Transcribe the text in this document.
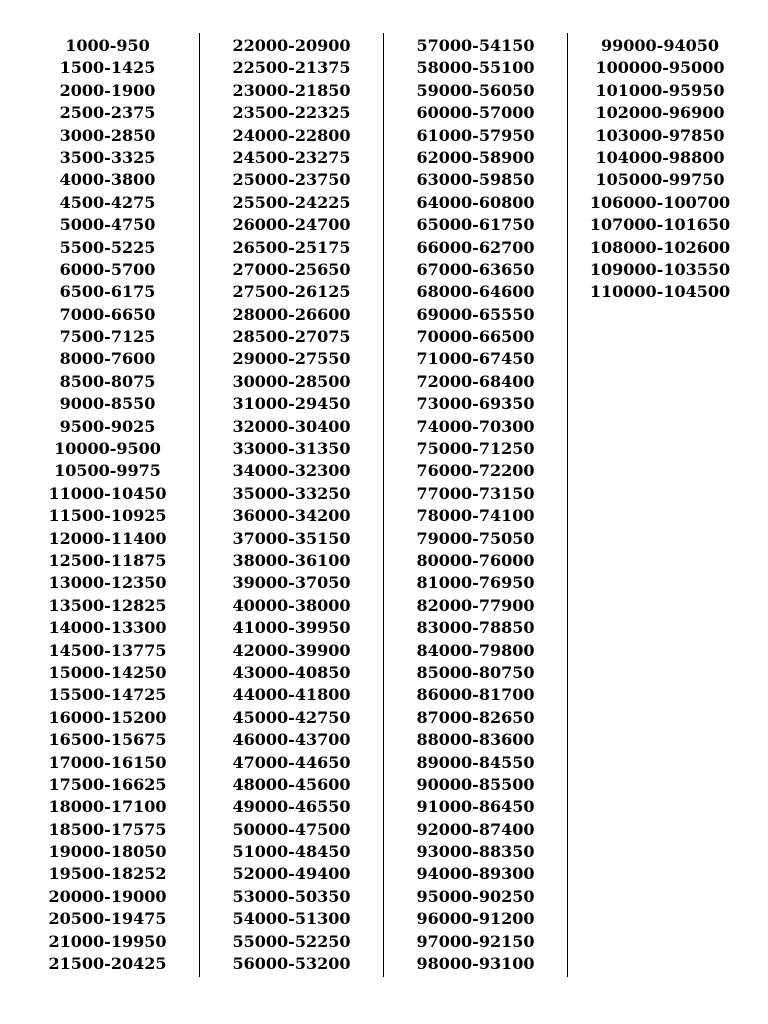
1000-950
1500-1425
2000-1900
2500-2375
3000-2850
3500-3325
4000-3800
4500-4275
5000-4750
5500-5225
6000-5700
6500-6175
7000-6650
7500-7125
8000-7600
8500-8075
9000-8550
9500-9025
10000-9500
10500-9975
11000-10450
11500-10925
12000-11400
12500-11875
13000-12350
13500-12825
14000-13300
14500-13775
15000-14250
15500-14725
16000-15200
16500-15675
17000-16150
17500-16625
18000-17100
18500-17575
19000-18050
19500-18252
20000-19000
20500-19475
21000-19950
21500-20425
22000-20900
22500-21375
23000-21850
23500-22325
24000-22800
24500-23275
25000-23750
25500-24225
26000-24700
26500-25175
27000-25650
27500-26125
28000-26600
28500-27075
29000-27550
30000-28500
31000-29450
32000-30400
33000-31350
34000-32300
35000-33250
36000-34200
37000-35150
38000-36100
39000-37050
40000-38000
41000-39950
42000-39900
43000-40850
44000-41800
45000-42750
46000-43700
47000-44650
48000-45600
49000-46550
50000-47500
51000-48450
52000-49400
53000-50350
54000-51300
55000-52250
56000-53200
57000-54150
58000-55100
59000-56050
60000-57000
61000-57950
62000-58900
63000-59850
64000-60800
65000-61750
66000-62700
67000-63650
68000-64600
69000-65550
70000-66500
71000-67450
72000-68400
73000-69350
74000-70300
75000-71250
76000-72200
77000-73150
78000-74100
79000-75050
80000-76000
81000-76950
82000-77900
83000-78850
84000-79800
85000-80750
86000-81700
87000-82650
88000-83600
89000-84550
90000-85500
91000-86450
92000-87400
93000-88350
94000-89300
95000-90250
96000-91200
97000-92150
98000-93100
99000-94050
100000-95000
101000-95950
102000-96900
103000-97850
104000-98800
105000-99750
106000-100700
107000-101650
108000-102600
109000-103550
110000-104500
